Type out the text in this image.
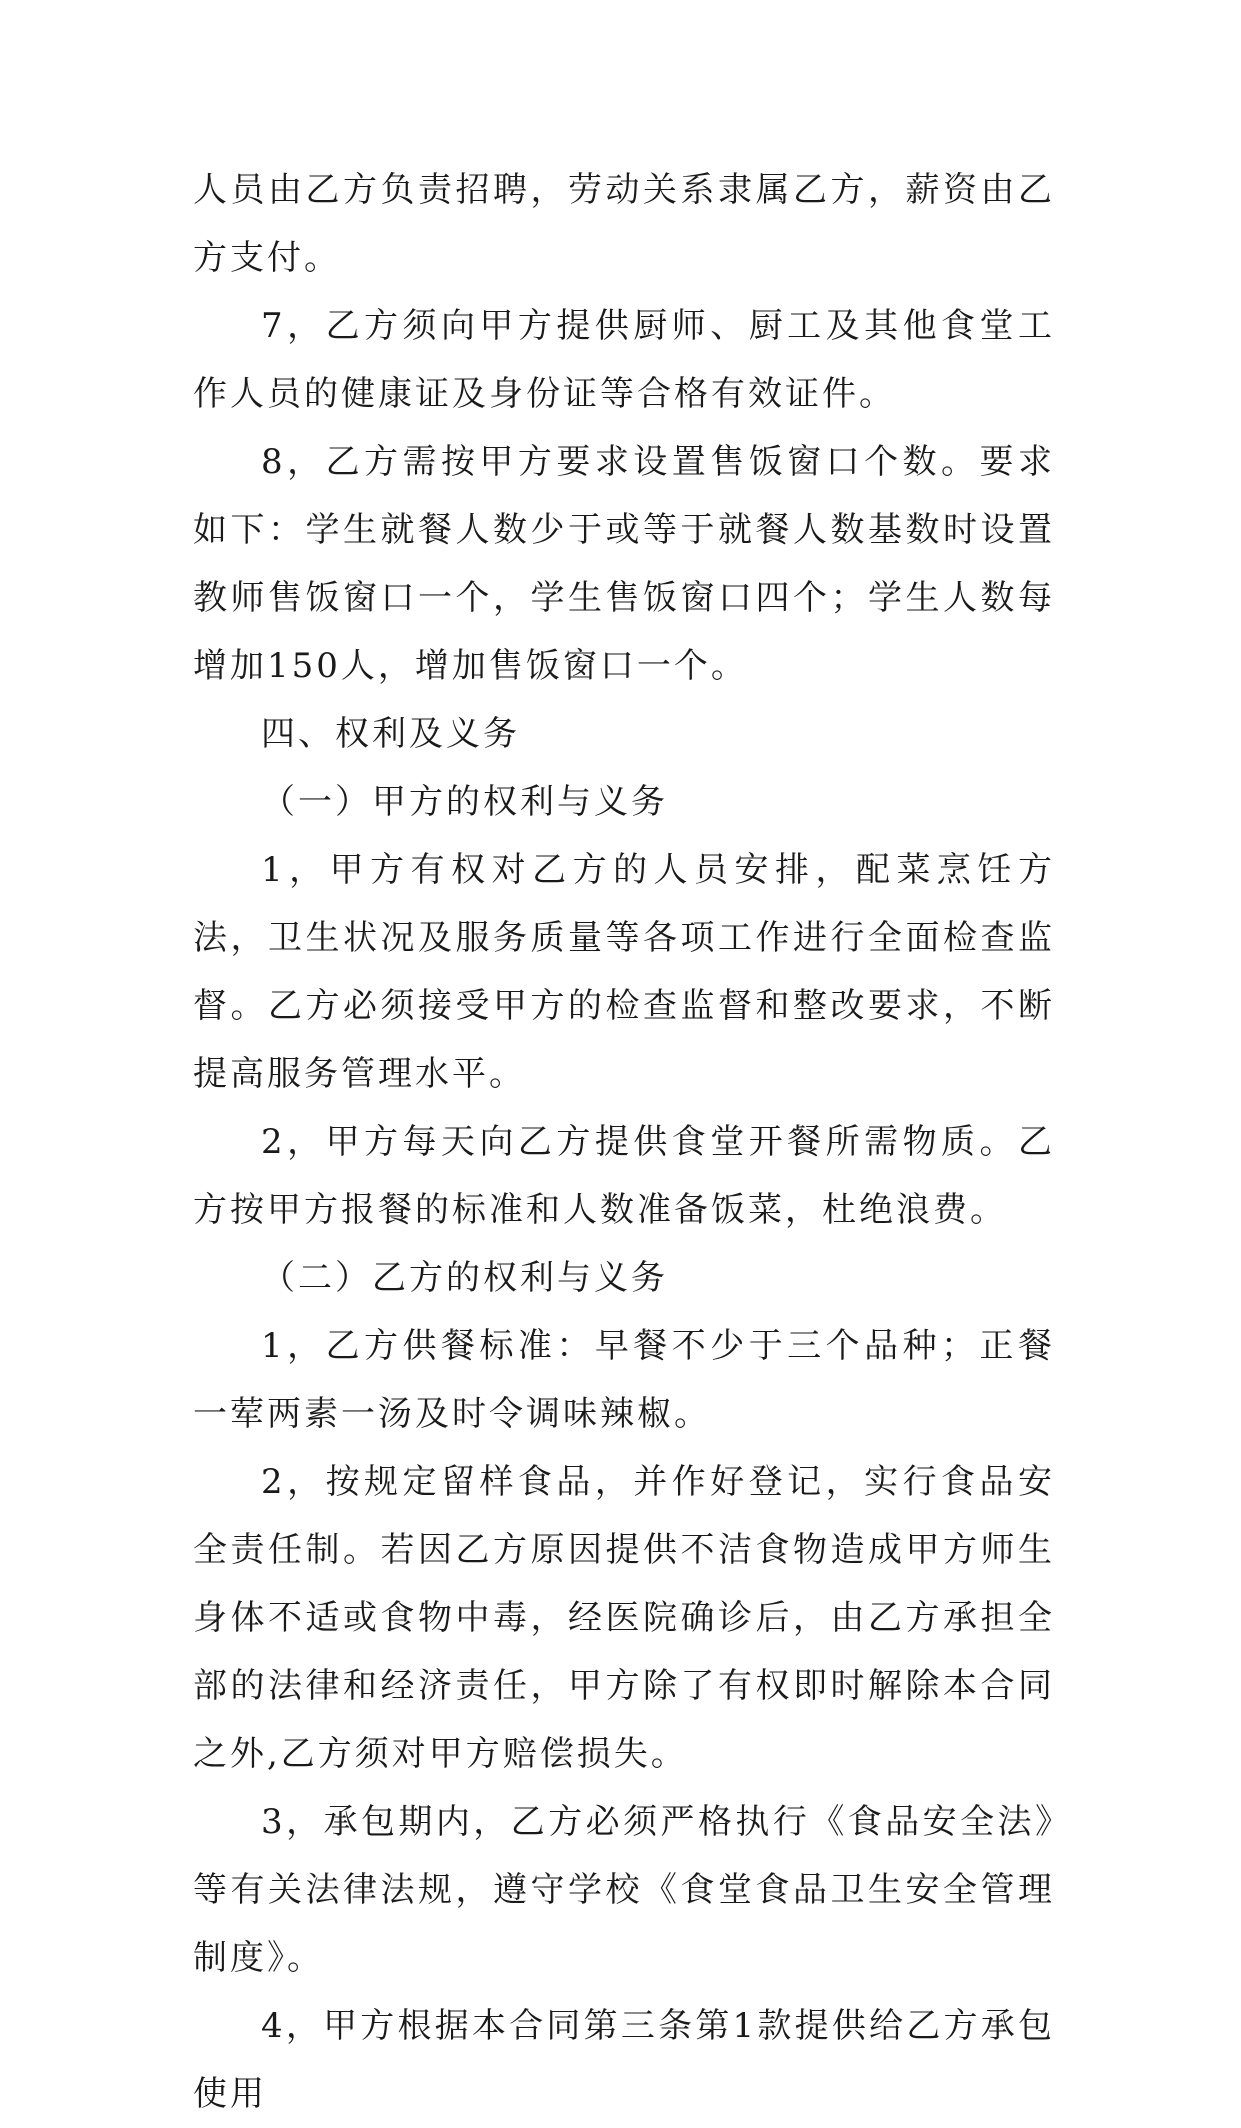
人员由乙方负责招聘，劳动关系隶属乙方，薪资由乙方支付。

7，乙方须向甲方提供厨师、厨工及其他食堂工作人员的健康证及身份证等合格有效证件。

8，乙方需按甲方要求设置售饭窗口个数。要求如下：学生就餐人数少于或等于就餐人数基数时设置教师售饭窗口一个，学生售饭窗口四个；学生人数每增加150人，增加售饭窗口一个。

四、权利及义务

（一）甲方的权利与义务

1，甲方有权对乙方的人员安排，配菜烹饪方法，卫生状况及服务质量等各项工作进行全面检查监督。乙方必须接受甲方的检查监督和整改要求，不断提高服务管理水平。

2，甲方每天向乙方提供食堂开餐所需物质。乙方按甲方报餐的标准和人数准备饭菜，杜绝浪费。

（二）乙方的权利与义务

1，乙方供餐标准：早餐不少于三个品种；正餐一荤两素一汤及时令调味辣椒。

2，按规定留样食品，并作好登记，实行食品安全责任制。若因乙方原因提供不洁食物造成甲方师生身体不适或食物中毒，经医院确诊后，由乙方承担全部的法律和经济责任，甲方除了有权即时解除本合同之外,乙方须对甲方赔偿损失。

3，承包期内，乙方必须严格执行《食品安全法》等有关法律法规，遵守学校《食堂食品卫生安全管理制度》。

4，甲方根据本合同第三条第1款提供给乙方承包使用
